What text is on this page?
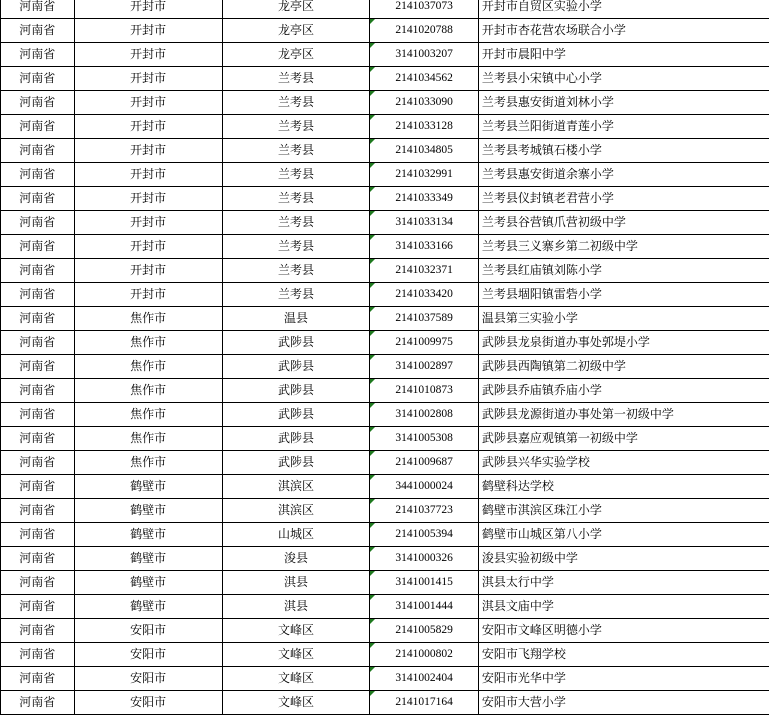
河南省	开封市	龙亭区	2141037073	开封市自贸区实验小学
河南省	开封市	龙亭区	2141020788	开封市杏花营农场联合小学
河南省	开封市	龙亭区	3141003207	开封市晨阳中学
河南省	开封市	兰考县	2141034562	兰考县小宋镇中心小学
河南省	开封市	兰考县	2141033090	兰考县惠安街道刘林小学
河南省	开封市	兰考县	2141033128	兰考县兰阳街道青莲小学
河南省	开封市	兰考县	2141034805	兰考县考城镇石楼小学
河南省	开封市	兰考县	2141032991	兰考县惠安街道余寨小学
河南省	开封市	兰考县	2141033349	兰考县仪封镇老君营小学
河南省	开封市	兰考县	3141033134	兰考县谷营镇爪营初级中学
河南省	开封市	兰考县	3141033166	兰考县三义寨乡第二初级中学
河南省	开封市	兰考县	2141032371	兰考县红庙镇刘陈小学
河南省	开封市	兰考县	2141033420	兰考县堌阳镇雷砦小学
河南省	焦作市	温县	2141037589	温县第三实验小学
河南省	焦作市	武陟县	2141009975	武陟县龙泉街道办事处郭堤小学
河南省	焦作市	武陟县	3141002897	武陟县西陶镇第二初级中学
河南省	焦作市	武陟县	2141010873	武陟县乔庙镇乔庙小学
河南省	焦作市	武陟县	3141002808	武陟县龙源街道办事处第一初级中学
河南省	焦作市	武陟县	3141005308	武陟县嘉应观镇第一初级中学
河南省	焦作市	武陟县	2141009687	武陟县兴华实验学校
河南省	鹤壁市	淇滨区	3441000024	鹤壁科达学校
河南省	鹤壁市	淇滨区	2141037723	鹤壁市淇滨区珠江小学
河南省	鹤壁市	山城区	2141005394	鹤壁市山城区第八小学
河南省	鹤壁市	浚县	3141000326	浚县实验初级中学
河南省	鹤壁市	淇县	3141001415	淇县太行中学
河南省	鹤壁市	淇县	3141001444	淇县文庙中学
河南省	安阳市	文峰区	2141005829	安阳市文峰区明德小学
河南省	安阳市	文峰区	2141000802	安阳市飞翔学校
河南省	安阳市	文峰区	3141002404	安阳市光华中学
河南省	安阳市	文峰区	2141017164	安阳市大营小学
